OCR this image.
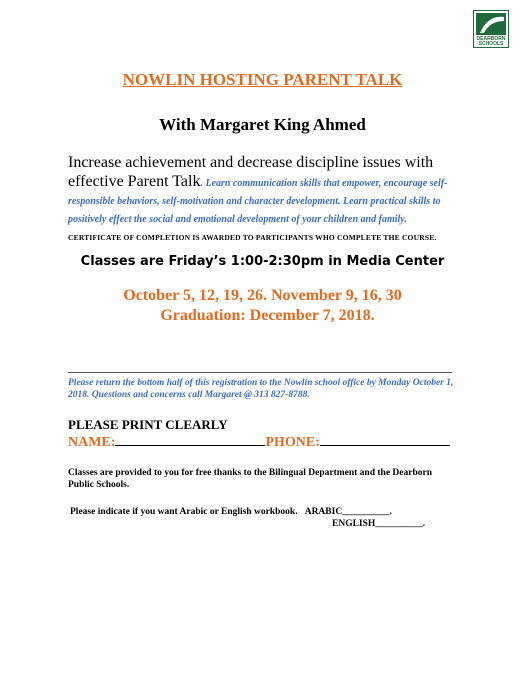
DEARBORN SCHOOLS
NOWLIN HOSTING PARENT TALK
With Margaret King Ahmed
Increase achievement and decrease discipline issues with effective Parent Talk. Learn communication skills that empower, encourage self-responsible behaviors, self-motivation and character development. Learn practical skills to positively effect the social and emotional development of your children and family. CERTIFICATE OF COMPLETION IS AWARDED TO PARTICIPANTS WHO COMPLETE THE COURSE.
Classes are Friday’s 1:00-2:30pm in Media Center
October 5, 12, 19, 26. November 9, 16, 30
Graduation: December 7, 2018.
Please return the bottom half of this registration to the Nowlin school office by Monday October 1, 2018. Questions and concerns call Margaret @ 313 827-8788.
PLEASE PRINT CLEARLY
NAME:	PHONE:
Classes are provided to you for free thanks to the Bilingual Department and the Dearborn Public Schools.
Please indicate if you want Arabic or English workbook. ARABIC__________.
ENGLISH__________.
